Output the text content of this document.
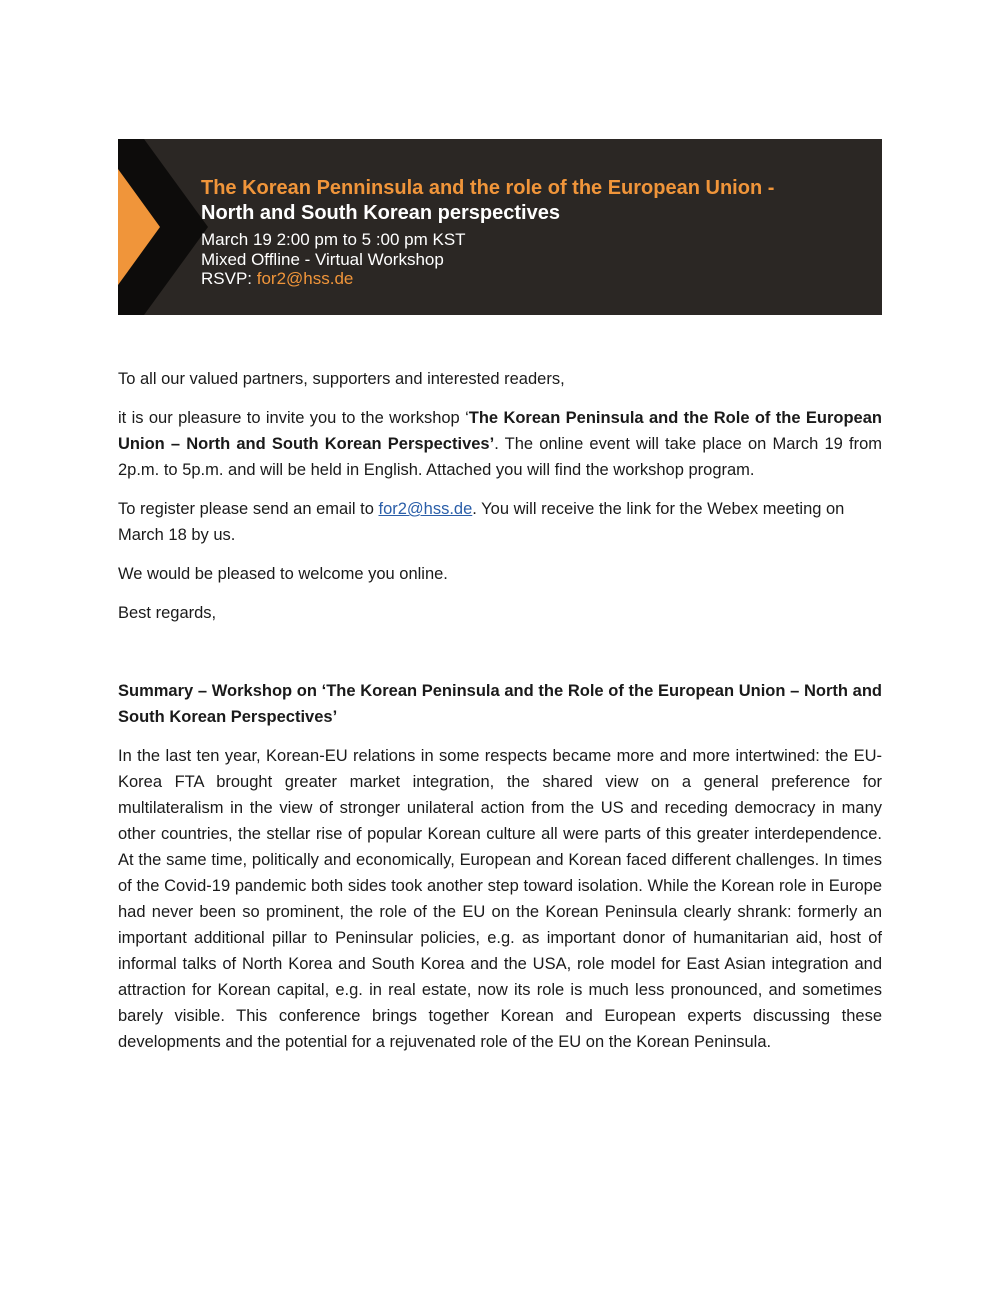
The Korean Penninsula and the role of the European Union -
North and South Korean perspectives
March 19 2:00 pm to 5 :00 pm KST
Mixed Offline - Virtual Workshop
RSVP: for2@hss.de

To all our valued partners, supporters and interested readers,

it is our pleasure to invite you to the workshop ‘The Korean Peninsula and the Role of the European Union – North and South Korean Perspectives’. The online event will take place on March 19 from 2p.m. to 5p.m. and will be held in English. Attached you will find the workshop program.

To register please send an email to for2@hss.de. You will receive the link for the Webex meeting on March 18 by us.

We would be pleased to welcome you online.

Best regards,

Summary – Workshop on ‘The Korean Peninsula and the Role of the European Union – North and South Korean Perspectives’

In the last ten year, Korean-EU relations in some respects became more and more intertwined: the EU-Korea FTA brought greater market integration, the shared view on a general preference for multilateralism in the view of stronger unilateral action from the US and receding democracy in many other countries, the stellar rise of popular Korean culture all were parts of this greater interdependence. At the same time, politically and economically, European and Korean faced different challenges. In times of the Covid-19 pandemic both sides took another step toward isolation. While the Korean role in Europe had never been so prominent, the role of the EU on the Korean Peninsula clearly shrank: formerly an important additional pillar to Peninsular policies, e.g. as important donor of humanitarian aid, host of informal talks of North Korea and South Korea and the USA, role model for East Asian integration and attraction for Korean capital, e.g. in real estate, now its role is much less pronounced, and sometimes barely visible. This conference brings together Korean and European experts discussing these developments and the potential for a rejuvenated role of the EU on the Korean Peninsula.
